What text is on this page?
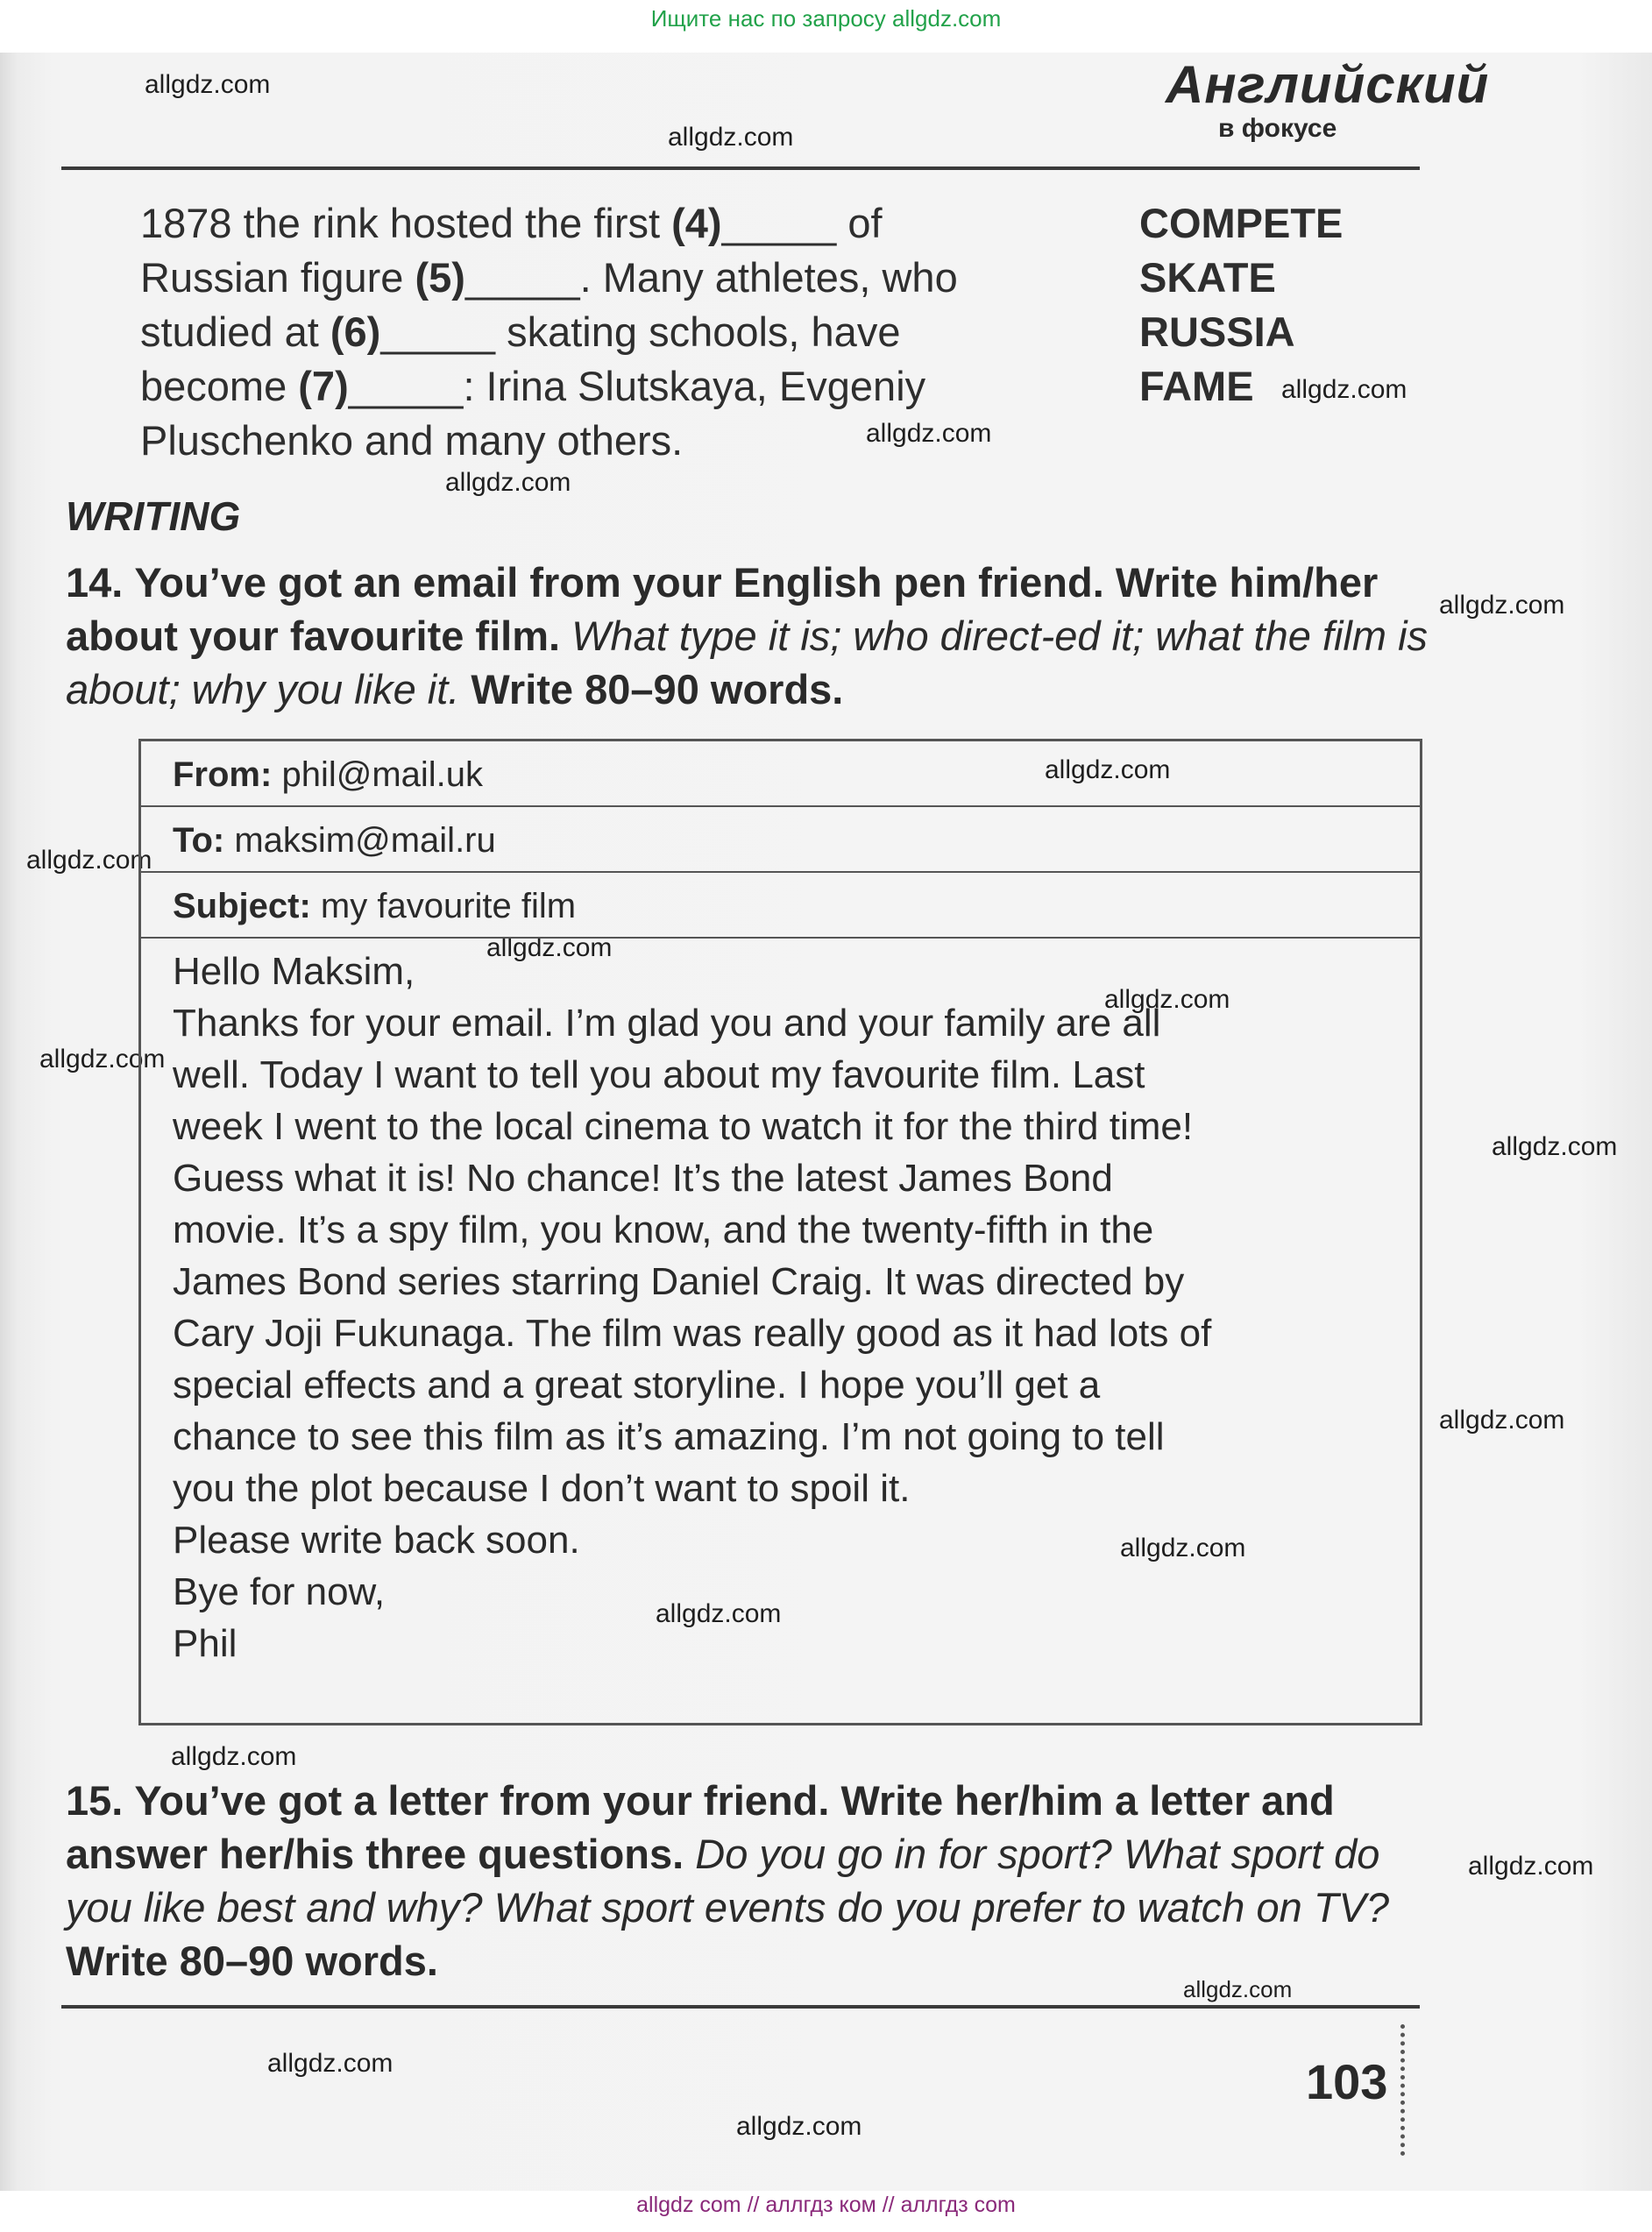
Ищите нас по запросу allgdz.com
Английский
в фокусе
allgdz.com
allgdz.com
allgdz.com
allgdz.com
allgdz.com
allgdz.com
allgdz.com
allgdz.com
allgdz.com
allgdz.com
allgdz.com
allgdz.com
allgdz.com
allgdz.com
allgdz.com
allgdz.com
allgdz.com
allgdz.com
allgdz.com
allgdz.com
1878 the rink hosted the first (4)_____ of	COMPETE
Russian figure (5)_____. Many athletes, who	SKATE
studied at (6)_____ skating schools, have	RUSSIA
become (7)_____: Irina Slutskaya, Evgeniy	FAME
Pluschenko and many others.
WRITING
14. You’ve got an email from your English pen friend. Write him/her about your favourite film. What type it is; who direct-ed it; what the film is about; why you like it. Write 80–90 words.
From: phil@mail.uk
To: maksim@mail.ru
Subject: my favourite film
Hello Maksim,
Thanks for your email. I’m glad you and your family are all
well. Today I want to tell you about my favourite film. Last
week I went to the local cinema to watch it for the third time!
Guess what it is! No chance! It’s the latest James Bond
movie. It’s a spy film, you know, and the twenty-fifth in the
James Bond series starring Daniel Craig. It was directed by
Cary Joji Fukunaga. The film was really good as it had lots of
special effects and a great storyline. I hope you’ll get a
chance to see this film as it’s amazing. I’m not going to tell
you the plot because I don’t want to spoil it.
Please write back soon.
Bye for now,
Phil
15. You’ve got a letter from your friend. Write her/him a letter and answer her/his three questions. Do you go in for sport? What sport do you like best and why? What sport events do you prefer to watch on TV? Write 80–90 words.
103
allgdz com // аллгдз ком // аллгдз com
